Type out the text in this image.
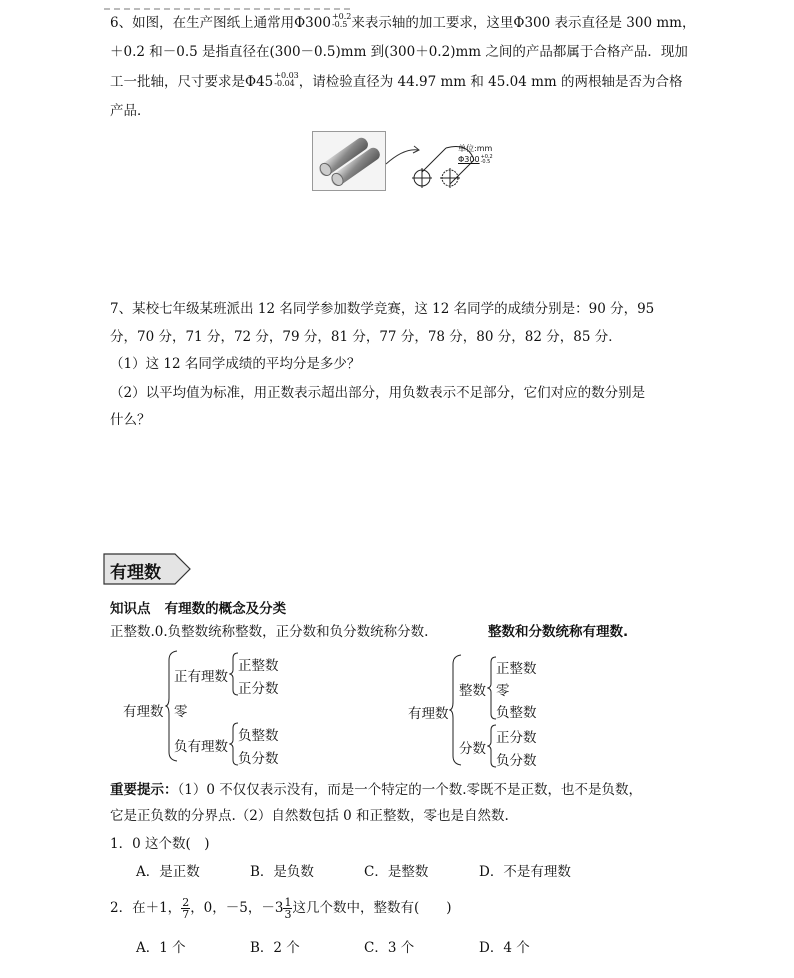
6、如图，在生产图纸上通常用Φ300 +0.2
-0.5 来表示轴的加工要求，这里Φ300 表示直径是 300 mm，
＋0.2 和－0.5 是指直径在(300－0.5)mm 到(300＋0.2)mm 之间的产品都属于合格产品．现加
工一批轴，尺寸要求是Φ45 +0.03
-0.04 ，请检验直径为 44.97 mm 和 45.04 mm 的两根轴是否为合格
产品．
单位:mm
Φ300 +0.2
-0.5
7、某校七年级某班派出 12 名同学参加数学竞赛，这 12 名同学的成绩分别是：90 分，95
分，70 分，71 分，72 分，79 分，81 分，77 分，78 分，80 分，82 分，85 分．
（1）这 12 名同学成绩的平均分是多少？
（2）以平均值为标准，用正数表示超出部分，用负数表示不足部分，它们对应的数分别是
什么？
有理数
知识点 有理数的概念及分类
正整数.0.负整数统称整数，正分数和负分数统称分数.	整数和分数统称有理数.
有理数
正有理数
零
负有理数
正整数
正分数
负整数
负分数
有理数
整数
分数
正整数
零
负整数
正分数
负分数
重要提示：（1）0 不仅仅表示没有，而是一个特定的一个数.零既不是正数，也不是负数，
它是正负数的分界点.（2）自然数包括 0 和正整数，零也是自然数.
1．0 这个数(　)
A．是正数	B．是负数	C．是整数	D．不是有理数
2．在＋1， $\frac{2}{7}$ ，0，－5，$-3 \frac{1}{3}$ 这几个数中，整数有(　　)
A．1 个	B．2 个	C．3 个	D．4 个
